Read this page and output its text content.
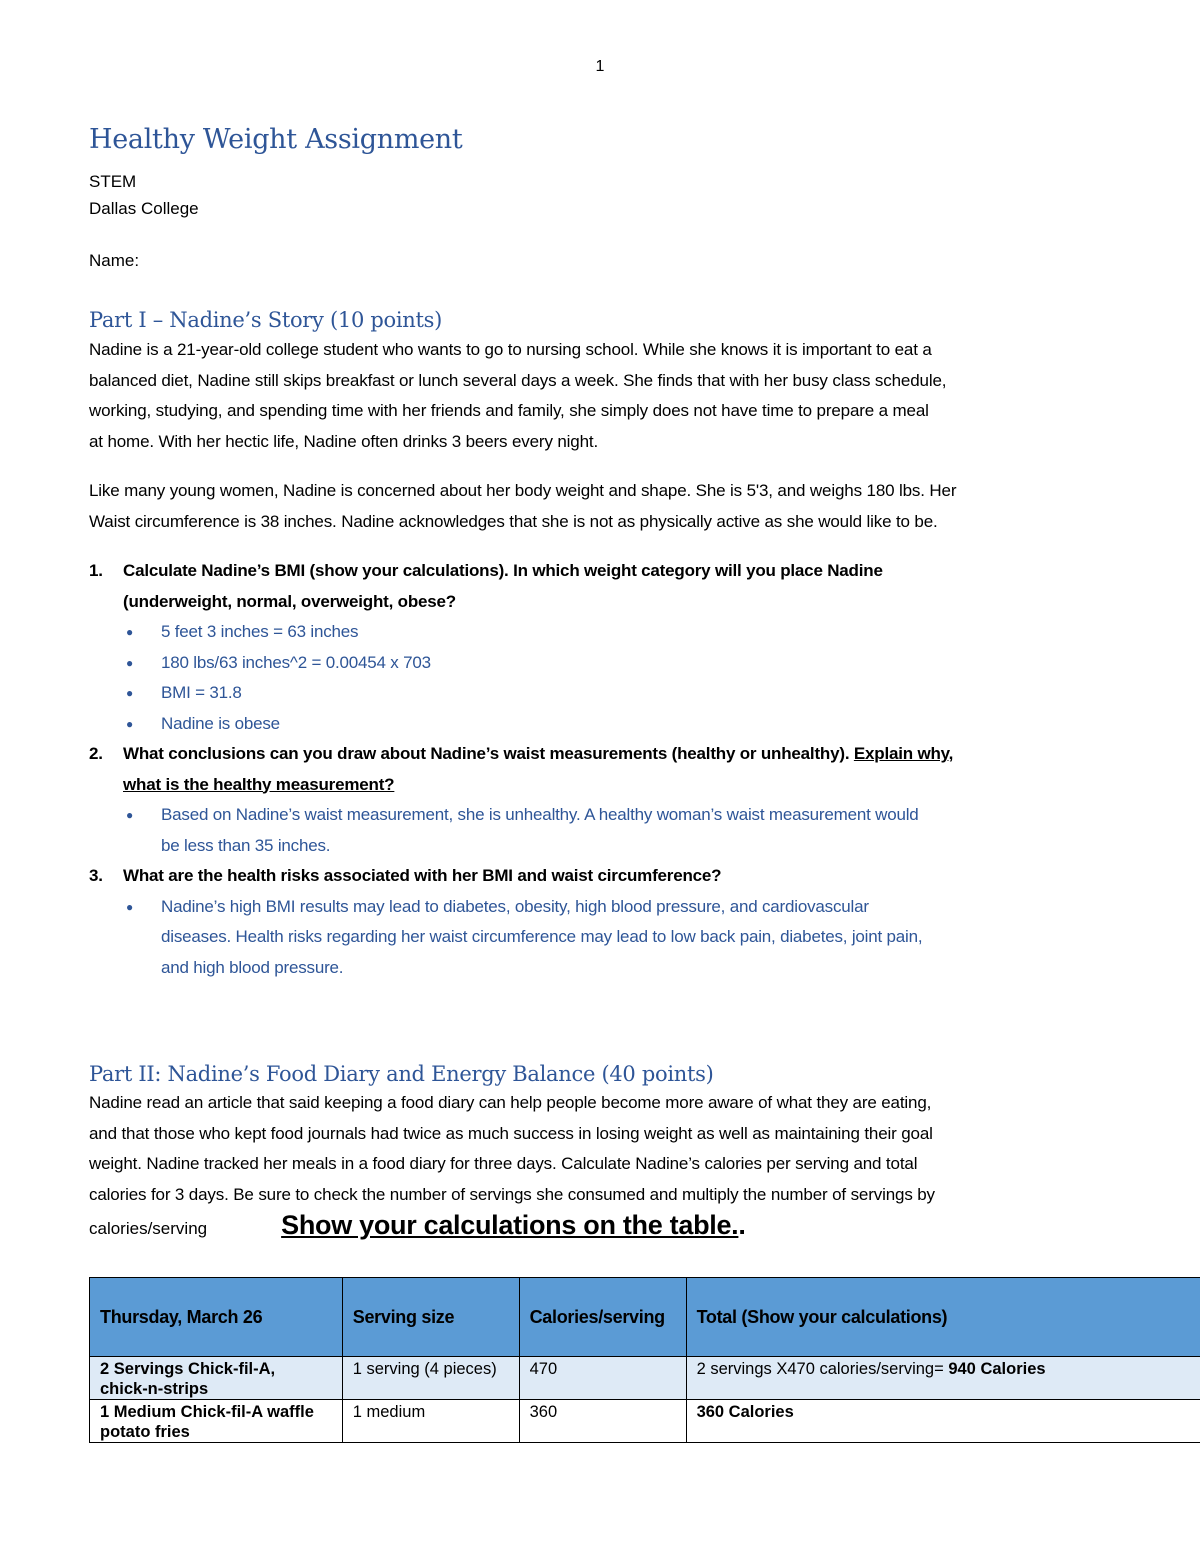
1
Healthy Weight Assignment
STEM
Dallas College
Name:
Part I – Nadine’s Story (10 points)
Nadine is a 21-year-old college student who wants to go to nursing school. While she knows it is important to eat a
balanced diet, Nadine still skips breakfast or lunch several days a week. She finds that with her busy class schedule,
working, studying, and spending time with her friends and family, she simply does not have time to prepare a meal
at home. With her hectic life, Nadine often drinks 3 beers every night.
Like many young women, Nadine is concerned about her body weight and shape. She is 5'3, and weighs 180 lbs. Her
Waist circumference is 38 inches. Nadine acknowledges that she is not as physically active as she would like to be.
1.	Calculate Nadine’s BMI (show your calculations). In which weight category will you place Nadine
(underweight, normal, overweight, obese?
●	5 feet 3 inches = 63 inches
●	180 lbs/63 inches^2 = 0.00454 x 703
●	BMI = 31.8
●	Nadine is obese
2.	What conclusions can you draw about Nadine’s waist measurements (healthy or unhealthy). Explain why,
what is the healthy measurement?
●	Based on Nadine’s waist measurement, she is unhealthy. A healthy woman’s waist measurement would
be less than 35 inches.
3.	What are the health risks associated with her BMI and waist circumference?
●	Nadine’s high BMI results may lead to diabetes, obesity, high blood pressure, and cardiovascular
diseases. Health risks regarding her waist circumference may lead to low back pain, diabetes, joint pain,
and high blood pressure.
Part II: Nadine’s Food Diary and Energy Balance (40 points)
Nadine read an article that said keeping a food diary can help people become more aware of what they are eating,
and that those who kept food journals had twice as much success in losing weight as well as maintaining their goal
weight. Nadine tracked her meals in a food diary for three days. Calculate Nadine’s calories per serving and total
calories for 3 days. Be sure to check the number of servings she consumed and multiply the number of servings by
calories/serving	Show your calculations on the table. .
Thursday, March 26	Serving size	Calories/serving	Total (Show your calculations)

2 Servings Chick-fil-A,
chick-n-strips	1 serving (4 pieces)	470	2 servings X470 calories/serving= 940 Calories

1 Medium Chick-fil-A waffle
potato fries	1 medium	360	360 Calories
